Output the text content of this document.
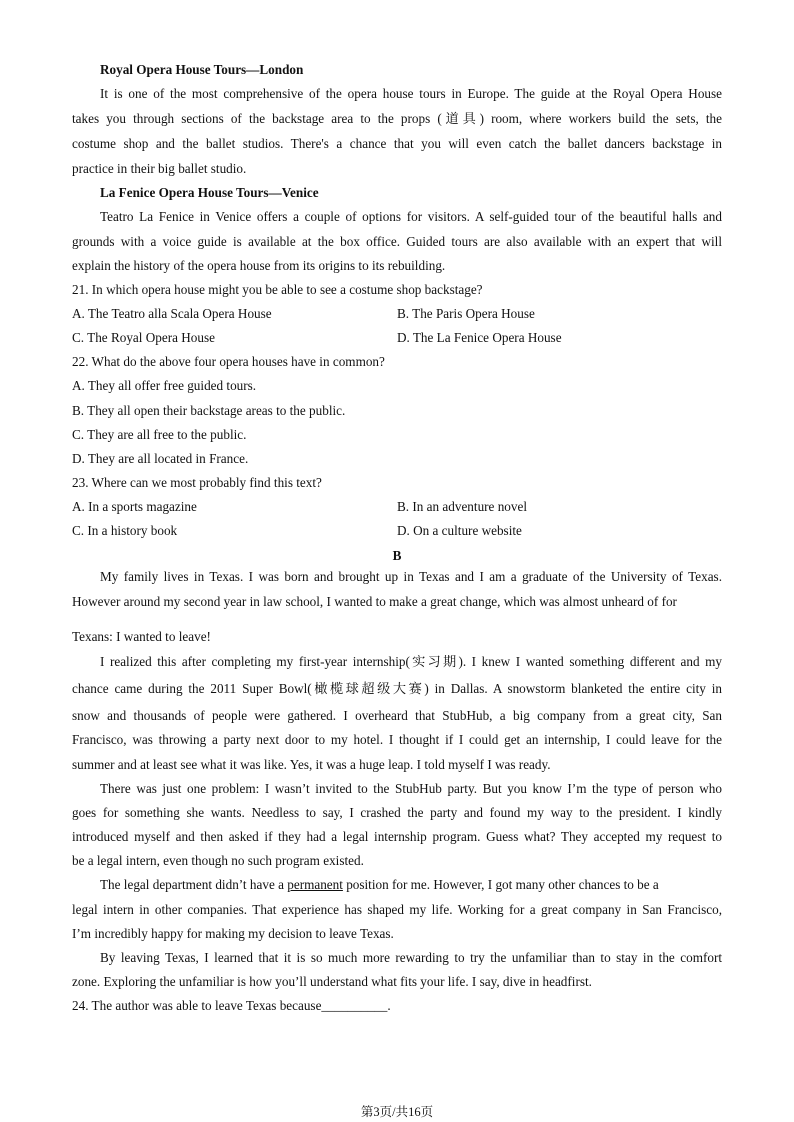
Royal Opera House Tours—London
It is one of the most comprehensive of the opera house tours in Europe. The guide at the Royal Opera House
takes you through sections of the backstage area to the props (道具) room, where workers build the sets, the
costume shop and the ballet studios. There's a chance that you will even catch the ballet dancers backstage in
practice in their big ballet studio.
La Fenice Opera House Tours—Venice
Teatro La Fenice in Venice offers a couple of options for visitors. A self-guided tour of the beautiful halls and
grounds with a voice guide is available at the box office. Guided tours are also available with an expert that will
explain the history of the opera house from its origins to its rebuilding.
21. In which opera house might you be able to see a costume shop backstage?
A. The Teatro alla Scala Opera House	B. The Paris Opera House
C. The Royal Opera House	D. The La Fenice Opera House
22. What do the above four opera houses have in common?
A. They all offer free guided tours.
B. They all open their backstage areas to the public.
C. They are all free to the public.
D. They are all located in France.
23. Where can we most probably find this text?
A. In a sports magazine	B. In an adventure novel
C. In a history book	D. On a culture website
B
My family lives in Texas. I was born and brought up in Texas and I am a graduate of the University of Texas.
However around my second year in law school, I wanted to make a great change, which was almost unheard of for
Texans: I wanted to leave!
I realized this after completing my first-year internship(实习期). I knew I wanted something different and my
chance came during the 2011 Super Bowl(橄榄球超级大赛) in Dallas. A snowstorm blanketed the entire city in
snow and thousands of people were gathered. I overheard that StubHub, a big company from a great city, San
Francisco, was throwing a party next door to my hotel. I thought if I could get an internship, I could leave for the
summer and at least see what it was like. Yes, it was a huge leap. I told myself I was ready.
There was just one problem: I wasn’t invited to the StubHub party. But you know I’m the type of person who
goes for something she wants. Needless to say, I crashed the party and found my way to the president. I kindly
introduced myself and then asked if they had a legal internship program. Guess what? They accepted my request to
be a legal intern, even though no such program existed.
The legal department didn’t have a permanent position for me. However, I got many other chances to be a
legal intern in other companies. That experience has shaped my life. Working for a great company in San Francisco,
I’m incredibly happy for making my decision to leave Texas.
By leaving Texas, I learned that it is so much more rewarding to try the unfamiliar than to stay in the comfort
zone. Exploring the unfamiliar is how you’ll understand what fits your life. I say, dive in headfirst.
24. The author was able to leave Texas because__________.
第3页/共16页
